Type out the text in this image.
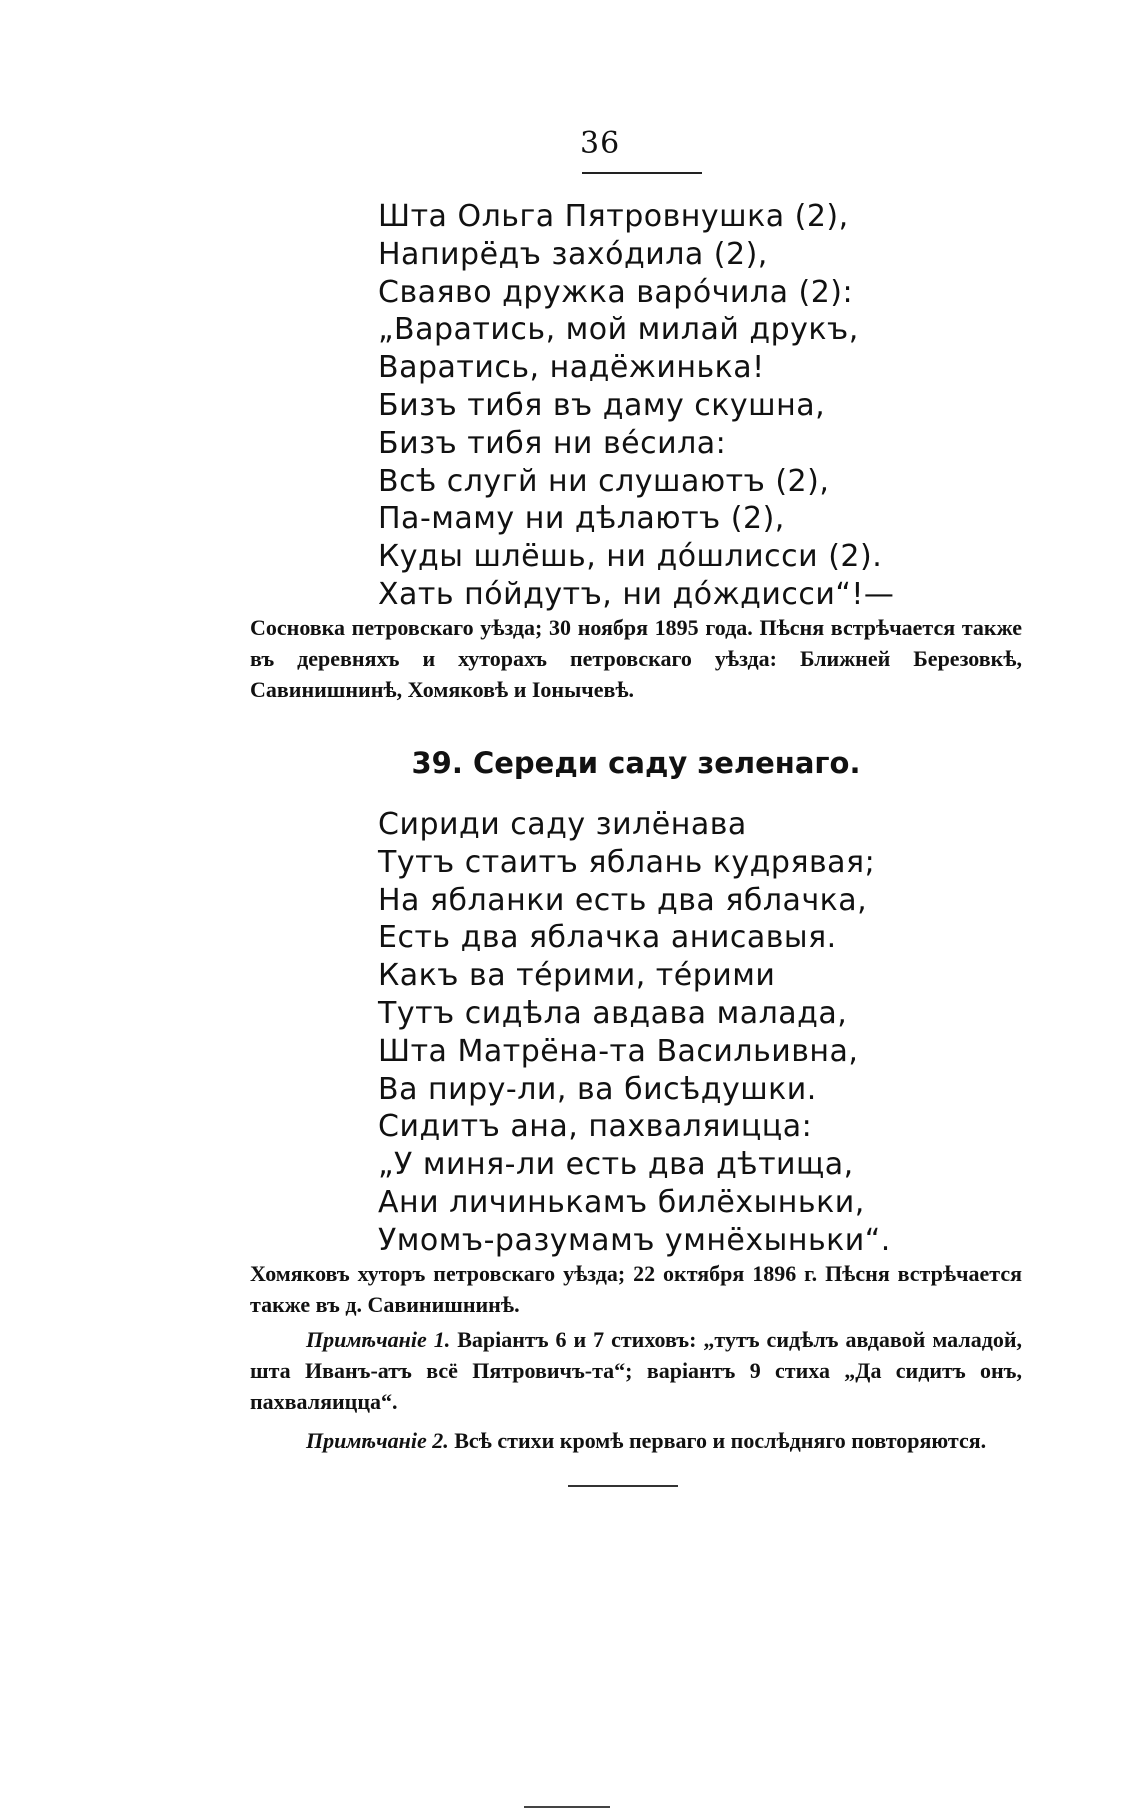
36
Шта Ольга Пятровнушка (2),
Напирёдъ захóдила (2),
Сваяво дружка варóчила (2):
„Варатись, мой милай друкъ,
Варатись, надёжинька!
Бизъ тибя въ даму скушна,
Бизъ тибя ни вéсила:
Всѣ слугй ни слушаютъ (2),
Па-маму ни дѣлаютъ (2),
Куды шлёшь, ни дóшлисси (2).
Хать пóйдутъ, ни дóждисси“!—
Сосновка петровскаго уѣзда; 30 ноября 1895 года. Пѣсня встрѣчается также въ деревняхъ и хуторахъ петровскаго уѣзда: Ближней Березовкѣ, Савинишнинѣ, Хомяковѣ и Іонычевѣ.
39. Середи саду зеленаго.
Сириди саду зилёнава
Тутъ стаитъ яблань кудрявая;
На ябланки есть два яблачка,
Есть два яблачка анисавыя.
Какъ ва тéрими, тéрими
Тутъ сидѣла авдава малада,
Шта Матрёна-та Васильивна,
Ва пиру-ли, ва бисѣдушки.
Сидитъ ана, пахваляицца:
„У миня-ли есть два дѣтища,
Ани личинькамъ билёхыньки,
Умомъ-разумамъ умнёхыньки“.
Хомяковъ хуторъ петровскаго уѣзда; 22 октября 1896 г. Пѣсня встрѣчается также въ д. Савинишнинѣ.
Примѣчаніе 1. Варіантъ 6 и 7 стиховъ: „тутъ сидѣлъ авдавой маладой, шта Иванъ-атъ всё Пятровичъ-та“; варіантъ 9 стиха „Да сидитъ онъ, пахваляицца“.
Примѣчаніе 2. Всѣ стихи кромѣ перваго и послѣдняго повторяются.
